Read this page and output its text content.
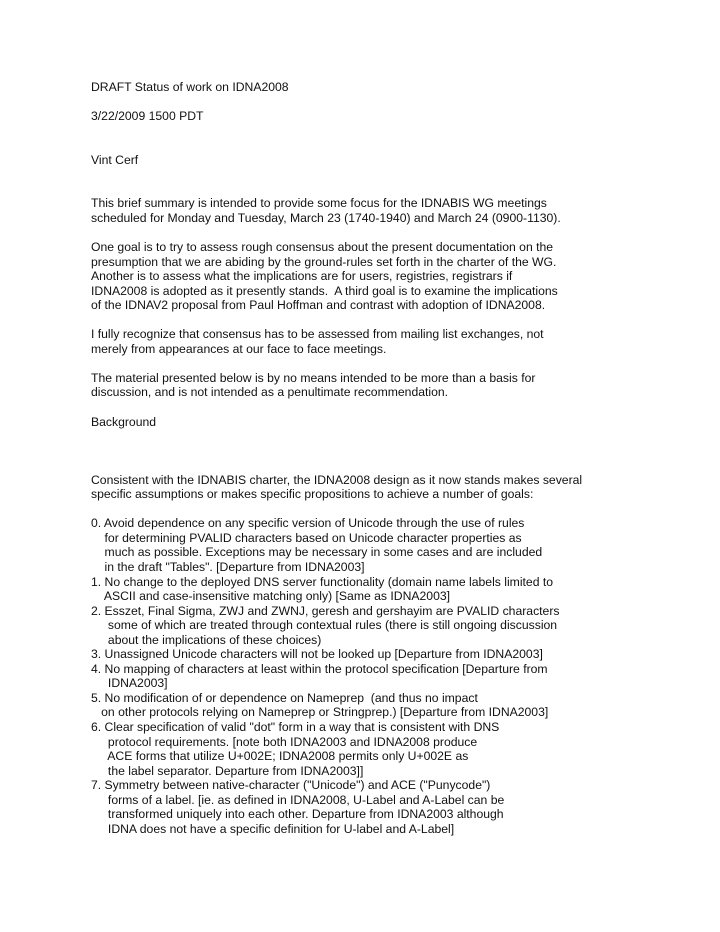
DRAFT Status of work on IDNA2008
3/22/2009 1500 PDT
Vint Cerf
This brief summary is intended to provide some focus for the IDNABIS WG meetings
scheduled for Monday and Tuesday, March 23 (1740-1940) and March 24 (0900-1130).
One goal is to try to assess rough consensus about the present documentation on the
presumption that we are abiding by the ground-rules set forth in the charter of the WG.
Another is to assess what the implications are for users, registries, registrars if
IDNA2008 is adopted as it presently stands.  A third goal is to examine the implications
of the IDNAV2 proposal from Paul Hoffman and contrast with adoption of IDNA2008.
I fully recognize that consensus has to be assessed from mailing list exchanges, not
merely from appearances at our face to face meetings.
The material presented below is by no means intended to be more than a basis for
discussion, and is not intended as a penultimate recommendation.
Background
Consistent with the IDNABIS charter, the IDNA2008 design as it now stands makes several
specific assumptions or makes specific propositions to achieve a number of goals:
0. Avoid dependence on any specific version of Unicode through the use of rules
for determining PVALID characters based on Unicode character properties as
much as possible. Exceptions may be necessary in some cases and are included
in the draft "Tables". [Departure from IDNA2003]
1. No change to the deployed DNS server functionality (domain name labels limited to
ASCII and case-insensitive matching only) [Same as IDNA2003]
2. Esszet, Final Sigma, ZWJ and ZWNJ, geresh and gershayim are PVALID characters
some of which are treated through contextual rules (there is still ongoing discussion
about the implications of these choices)
3. Unassigned Unicode characters will not be looked up [Departure from IDNA2003]
4. No mapping of characters at least within the protocol specification [Departure from
IDNA2003]
5. No modification of or dependence on Nameprep  (and thus no impact
on other protocols relying on Nameprep or Stringprep.) [Departure from IDNA2003]
6. Clear specification of valid "dot" form in a way that is consistent with DNS
protocol requirements. [note both IDNA2003 and IDNA2008 produce
ACE forms that utilize U+002E; IDNA2008 permits only U+002E as
the label separator. Departure from IDNA2003]]
7. Symmetry between native-character ("Unicode") and ACE ("Punycode")
forms of a label. [ie. as defined in IDNA2008, U-Label and A-Label can be
transformed uniquely into each other. Departure from IDNA2003 although
IDNA does not have a specific definition for U-label and A-Label]
